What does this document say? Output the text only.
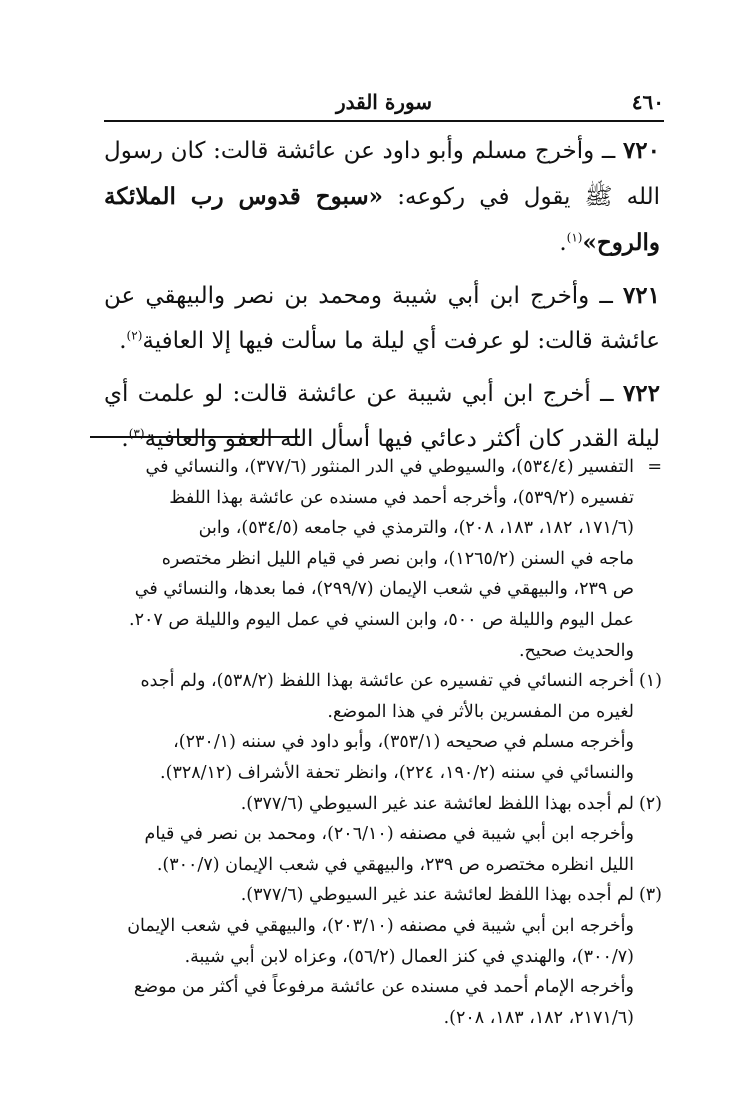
٤٦٠
سورة القدر

٧٢٠ ــ وأخرج مسلم وأبو داود عن عائشة قالت: كان رسول الله ﷺ يقول في ركوعه: «سبوح قدوس رب الملائكة والروح»$^{(١)}$.

٧٢١ ــ وأخرج ابن أبي شيبة ومحمد بن نصر والبيهقي عن عائشة قالت: لو عرفت أي ليلة ما سألت فيها إلا العافية$^{(٢)}$.

٧٢٢ ــ أخرج ابن أبي شيبة عن عائشة قالت: لو علمت أي ليلة القدر كان أكثر دعائي فيها أسأل الله العفو والعافية$^{(٣)}$.

=
التفسير (٥٣٤/٤)، والسيوطي في الدر المنثور (٣٧٧/٦)، والنسائي في
تفسيره (٥٣٩/٢)، وأخرجه أحمد في مسنده عن عائشة بهذا اللفظ
(١٧١/٦، ١٨٢، ١٨٣، ٢٠٨)، والترمذي في جامعه (٥٣٤/٥)، وابن
ماجه في السنن (١٢٦٥/٢)، وابن نصر في قيام الليل انظر مختصره
ص ٢٣٩، والبيهقي في شعب الإيمان (٢٩٩/٧)، فما بعدها، والنسائي في
عمل اليوم والليلة ص ٥٠٠، وابن السني في عمل اليوم والليلة ص ٢٠٧.
والحديث صحيح.
(١)
أخرجه النسائي في تفسيره عن عائشة بهذا اللفظ (٥٣٨/٢)، ولم أجده
لغيره من المفسرين بالأثر في هذا الموضع.
وأخرجه مسلم في صحيحه (٣٥٣/١)، وأبو داود في سننه (٢٣٠/١)،
والنسائي في سننه (١٩٠/٢، ٢٢٤)، وانظر تحفة الأشراف (٣٢٨/١٢).
(٢)
لم أجده بهذا اللفظ لعائشة عند غير السيوطي (٣٧٧/٦).
وأخرجه ابن أبي شيبة في مصنفه (٢٠٦/١٠)، ومحمد بن نصر في قيام
الليل انظره مختصره ص ٢٣٩، والبيهقي في شعب الإيمان (٣٠٠/٧).
(٣)
لم أجده بهذا اللفظ لعائشة عند غير السيوطي (٣٧٧/٦).
وأخرجه ابن أبي شيبة في مصنفه (٢٠٣/١٠)، والبيهقي في شعب الإيمان
(٣٠٠/٧)، والهندي في كنز العمال (٥٦/٢)، وعزاه لابن أبي شيبة.
وأخرجه الإمام أحمد في مسنده عن عائشة مرفوعاً في أكثر من موضع
(٢١٧١/٦، ١٨٢، ١٨٣، ٢٠٨).
